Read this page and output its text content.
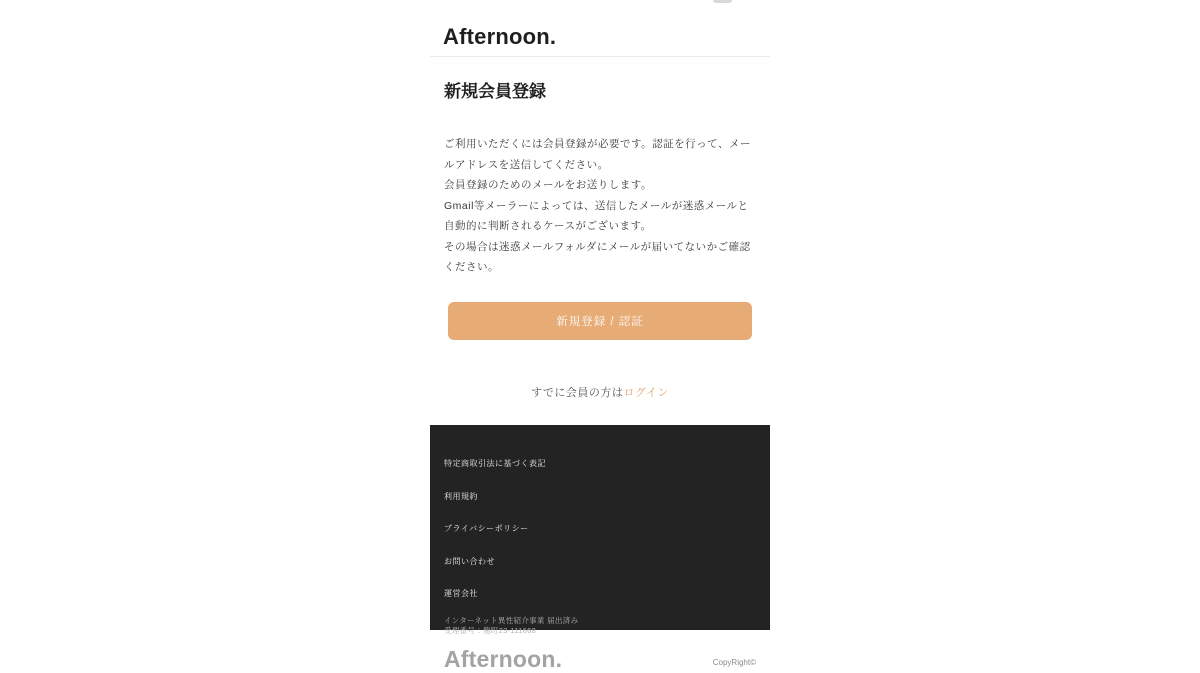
Afternoon.
新規会員登録

ご利用いただくには会員登録が必要です。認証を行って、メールアドレスを送信してください。

会員登録のためのメールをお送りします。

Gmail等メーラーによっては、送信したメールが迷惑メールと自動的に判断されるケースがございます。

その場合は迷惑メールフォルダにメールが届いてないかご確認ください。

新規登録 / 認証
すでに会員の方はログイン
特定商取引法に基づく表記
利用規約
プライバシーポリシー
お問い合わせ
運営会社
インターネット異性紹介事業 届出済み
受理番号：麹町23-111668
Afternoon.	CopyRight©
